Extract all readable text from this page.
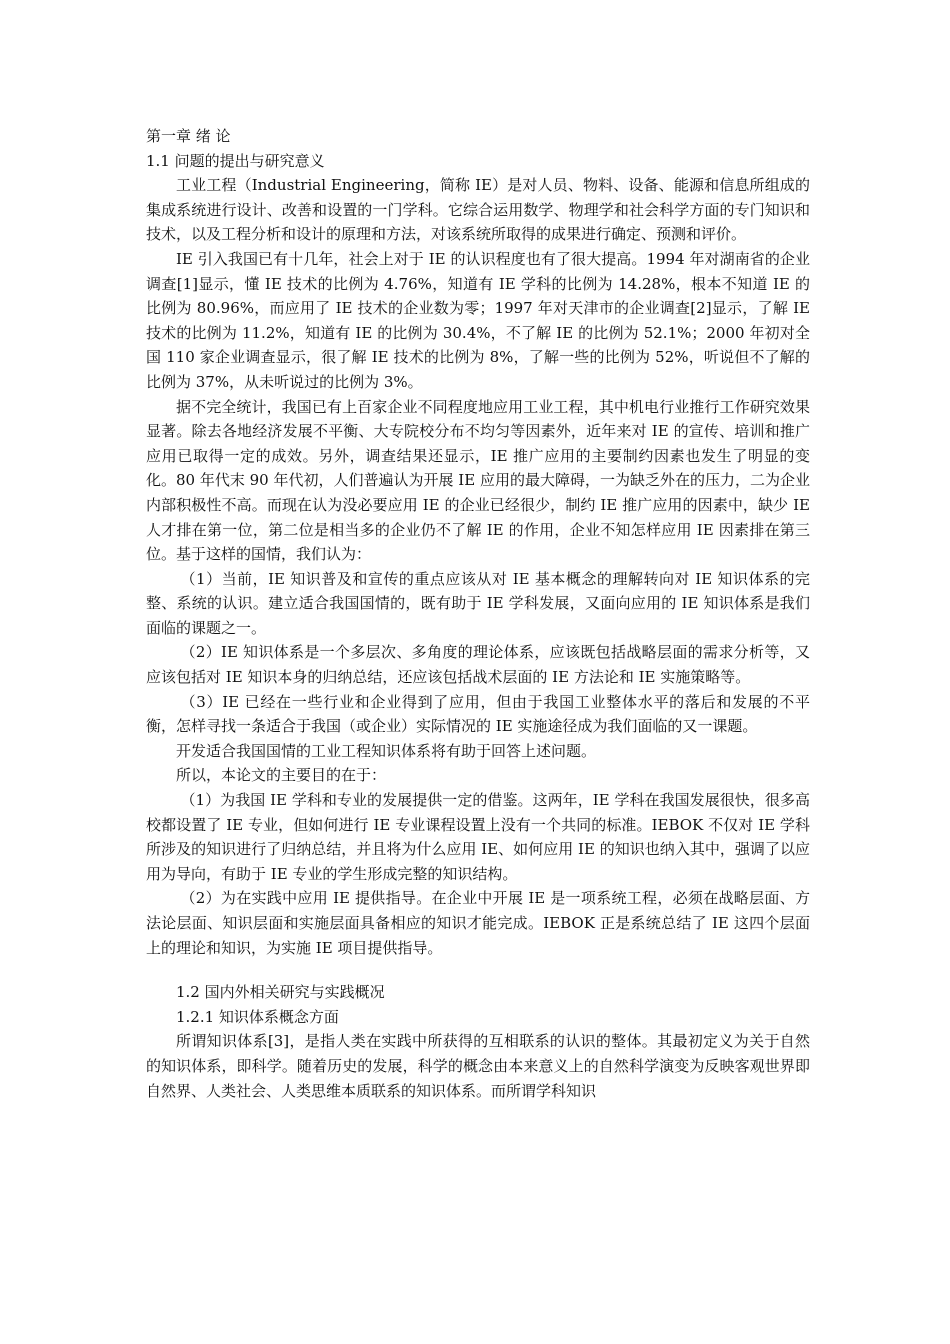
第一章 绪 论

1.1 问题的提出与研究意义

工业工程（Industrial Engineering，简称 IE）是对人员、物料、设备、能源和信息所组成的集成系统进行设计、改善和设置的一门学科。它综合运用数学、物理学和社会科学方面的专门知识和技术，以及工程分析和设计的原理和方法，对该系统所取得的成果进行确定、预测和评价。

IE 引入我国已有十几年，社会上对于 IE 的认识程度也有了很大提高。1994 年对湖南省的企业调查[1]显示，懂 IE 技术的比例为 4.76%，知道有 IE 学科的比例为 14.28%，根本不知道 IE 的比例为 80.96%，而应用了 IE 技术的企业数为零；1997 年对天津市的企业调查[2]显示，了解 IE 技术的比例为 11.2%，知道有 IE 的比例为 30.4%，不了解 IE 的比例为 52.1%；2000 年初对全国 110 家企业调查显示，很了解 IE 技术的比例为 8%，了解一些的比例为 52%，听说但不了解的比例为 37%，从未听说过的比例为 3%。

据不完全统计，我国已有上百家企业不同程度地应用工业工程，其中机电行业推行工作研究效果显著。除去各地经济发展不平衡、大专院校分布不均匀等因素外，近年来对 IE 的宣传、培训和推广应用已取得一定的成效。另外，调查结果还显示，IE 推广应用的主要制约因素也发生了明显的变化。80 年代末 90 年代初，人们普遍认为开展 IE 应用的最大障碍，一为缺乏外在的压力，二为企业内部积极性不高。而现在认为没必要应用 IE 的企业已经很少，制约 IE 推广应用的因素中，缺少 IE 人才排在第一位，第二位是相当多的企业仍不了解 IE 的作用，企业不知怎样应用 IE 因素排在第三位。基于这样的国情，我们认为：

（1）当前，IE 知识普及和宣传的重点应该从对 IE 基本概念的理解转向对 IE 知识体系的完整、系统的认识。建立适合我国国情的，既有助于 IE 学科发展，又面向应用的 IE 知识体系是我们面临的课题之一。

（2）IE 知识体系是一个多层次、多角度的理论体系，应该既包括战略层面的需求分析等，又应该包括对 IE 知识本身的归纳总结，还应该包括战术层面的 IE 方法论和 IE 实施策略等。

（3）IE 已经在一些行业和企业得到了应用，但由于我国工业整体水平的落后和发展的不平衡，怎样寻找一条适合于我国（或企业）实际情况的 IE 实施途径成为我们面临的又一课题。

开发适合我国国情的工业工程知识体系将有助于回答上述问题。

所以，本论文的主要目的在于：

（1）为我国 IE 学科和专业的发展提供一定的借鉴。这两年，IE 学科在我国发展很快，很多高校都设置了 IE 专业，但如何进行 IE 专业课程设置上没有一个共同的标准。IEBOK 不仅对 IE 学科所涉及的知识进行了归纳总结，并且将为什么应用 IE、如何应用 IE 的知识也纳入其中，强调了以应用为导向，有助于 IE 专业的学生形成完整的知识结构。

（2）为在实践中应用 IE 提供指导。在企业中开展 IE 是一项系统工程，必须在战略层面、方法论层面、知识层面和实施层面具备相应的知识才能完成。IEBOK 正是系统总结了 IE 这四个层面上的理论和知识，为实施 IE 项目提供指导。

1.2 国内外相关研究与实践概况

1.2.1 知识体系概念方面

所谓知识体系[3]，是指人类在实践中所获得的互相联系的认识的整体。其最初定义为关于自然的知识体系，即科学。随着历史的发展，科学的概念由本来意义上的自然科学演变为反映客观世界即自然界、人类社会、人类思维本质联系的知识体系。而所谓学科知识
